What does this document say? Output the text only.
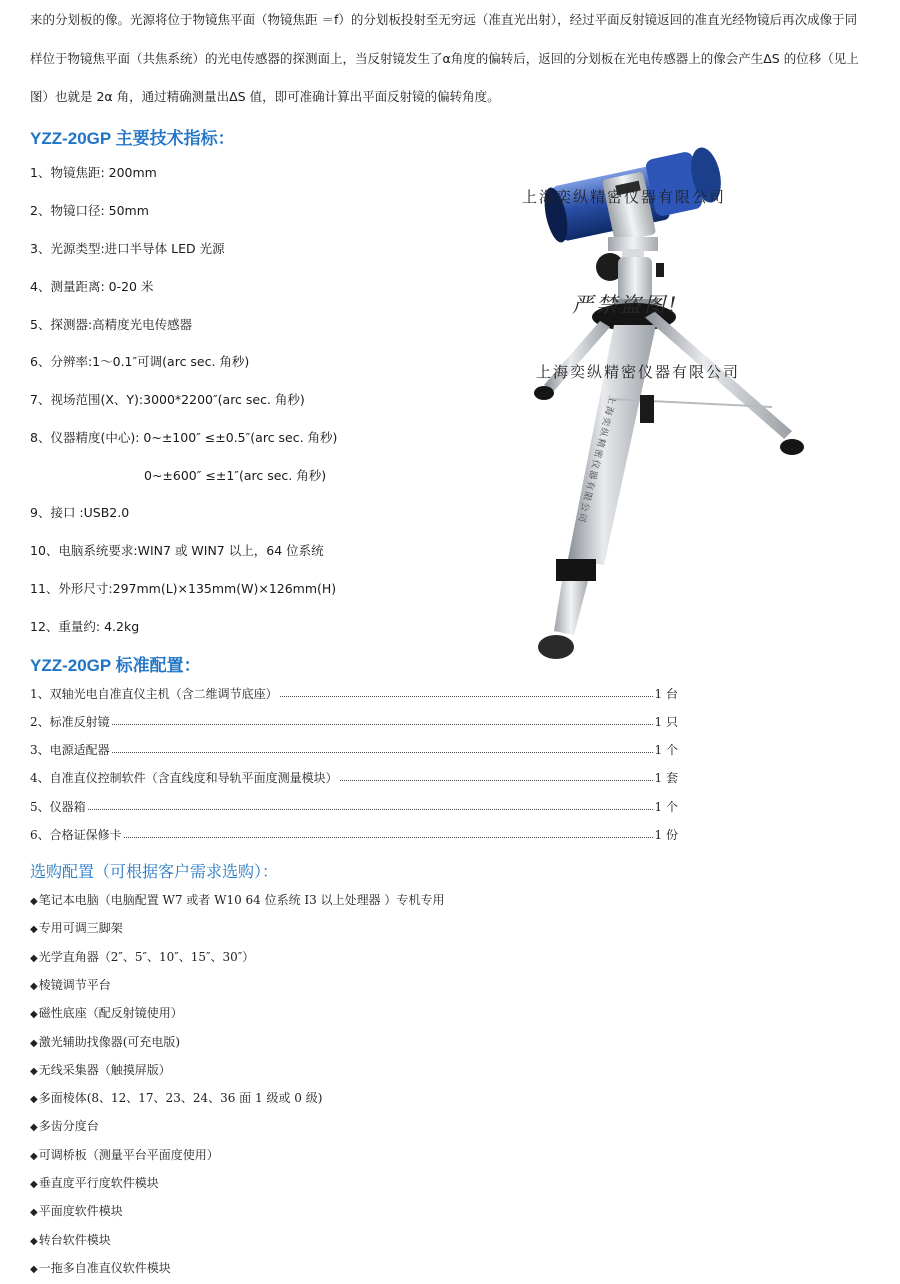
来的分划板的像。光源将位于物镜焦平面（物镜焦距 ＝f）的分划板投射至无穷远（准直光出射），经过平面反射镜返回的准直光经物镜后再次成像于同

样位于物镜焦平面（共焦系统）的光电传感器的探测面上，当反射镜发生了α角度的偏转后，返回的分划板在光电传感器上的像会产生ΔS 的位移（见上

图）也就是 2α 角，通过精确测量出ΔS 值，即可准确计算出平面反射镜的偏转角度。

YZZ-20GP 主要技术指标：

1、物镜焦距: 200mm

2、物镜口径: 50mm

3、光源类型:进口半导体 LED 光源

4、测量距离: 0-20 米

5、探测器:高精度光电传感器

6、分辨率:1～0.1″可调(arc sec. 角秒)

7、视场范围(X、Y):3000*2200″(arc sec. 角秒)

8、仪器精度(中心): 0~±100″ ≤±0.5″(arc sec. 角秒)

0~±600″ ≤±1″(arc sec. 角秒)

9、接口 :USB2.0

10、电脑系统要求:WIN7 或 WIN7 以上，64 位系统

11、外形尺寸:297mm(L)×135mm(W)×126mm(H)

12、重量约: 4.2kg

YZZ-20GP 标准配置：
1、双轴光电自准直仪主机（含二维调节底座）	1 台
2、标准反射镜	1 只
3、电源适配器	1 个
4、自准直仪控制软件（含直线度和导轨平面度测量模块）	1 套
5、仪器箱	1 个
6、合格证保修卡	1 份
选购配置（可根据客户需求选购）：

◆笔记本电脑（电脑配置 W7 或者 W10 64 位系统 I3 以上处理器 ）专机专用

◆专用可调三脚架

◆光学直角器（2″、5″、10″、15″、30″）

◆棱镜调节平台

◆磁性底座（配反射镜使用）

◆激光辅助找像器(可充电版)

◆无线采集器（触摸屏版）

◆多面棱体(8、12、17、23、24、36 面 1 级或 0 级)

◆多齿分度台

◆可调桥板（测量平台平面度使用）

◆垂直度平行度软件模块

◆平面度软件模块

◆转台软件模块

◆一拖多自准直仪软件模块

上海奕纵精密仪器有限公司
上海奕纵精密仪器有限公司
严禁盗图!
上海奕纵精密仪器有限公司
